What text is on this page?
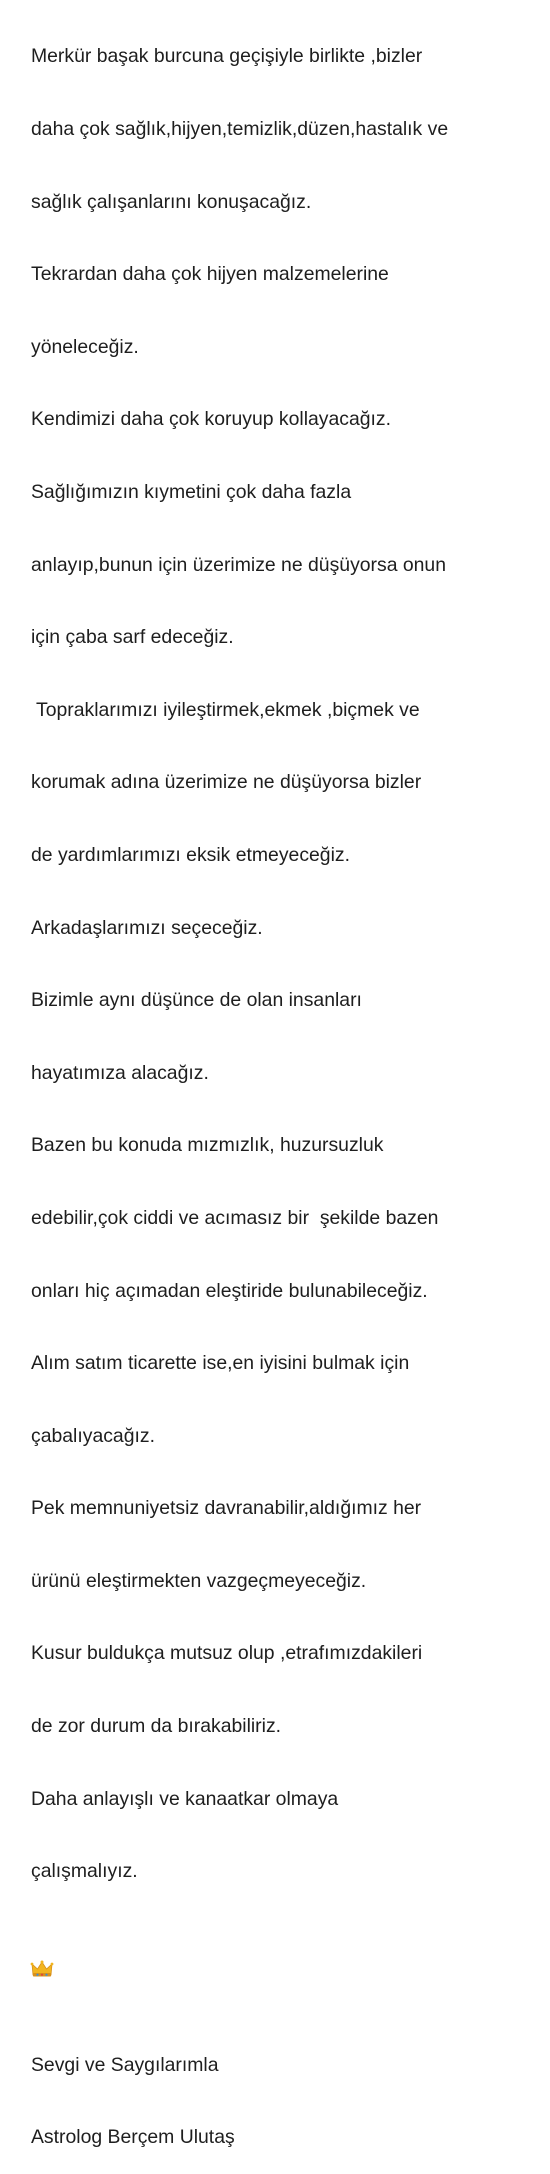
Merkür başak burcuna geçişiyle birlikte ,bizler

daha çok sağlık,hijyen,temizlik,düzen,hastalık ve

sağlık çalışanlarını konuşacağız.

Tekrardan daha çok hijyen malzemelerine

yöneleceğiz.

Kendimizi daha çok koruyup kollayacağız.

Sağlığımızın kıymetini çok daha fazla

anlayıp,bunun için üzerimize ne düşüyorsa onun

için çaba sarf edeceğiz.

Topraklarımızı iyileştirmek,ekmek ,biçmek ve

korumak adına üzerimize ne düşüyorsa bizler

de yardımlarımızı eksik etmeyeceğiz.

Arkadaşlarımızı seçeceğiz.

Bizimle aynı düşünce de olan insanları

hayatımıza alacağız.

Bazen bu konuda mızmızlık, huzursuzluk

edebilir,çok ciddi ve acımasız bir  şekilde bazen

onları hiç açımadan eleştiride bulunabileceğiz.

Alım satım ticarette ise,en iyisini bulmak için

çabalıyacağız.

Pek memnuniyetsiz davranabilir,aldığımız her

ürünü eleştirmekten vazgeçmeyeceğiz.

Kusur buldukça mutsuz olup ,etrafımızdakileri

de zor durum da bırakabiliriz.

Daha anlayışlı ve kanaatkar olmaya

çalışmalıyız.

Sevgi ve Saygılarımla

Astrolog Berçem Ulutaş
